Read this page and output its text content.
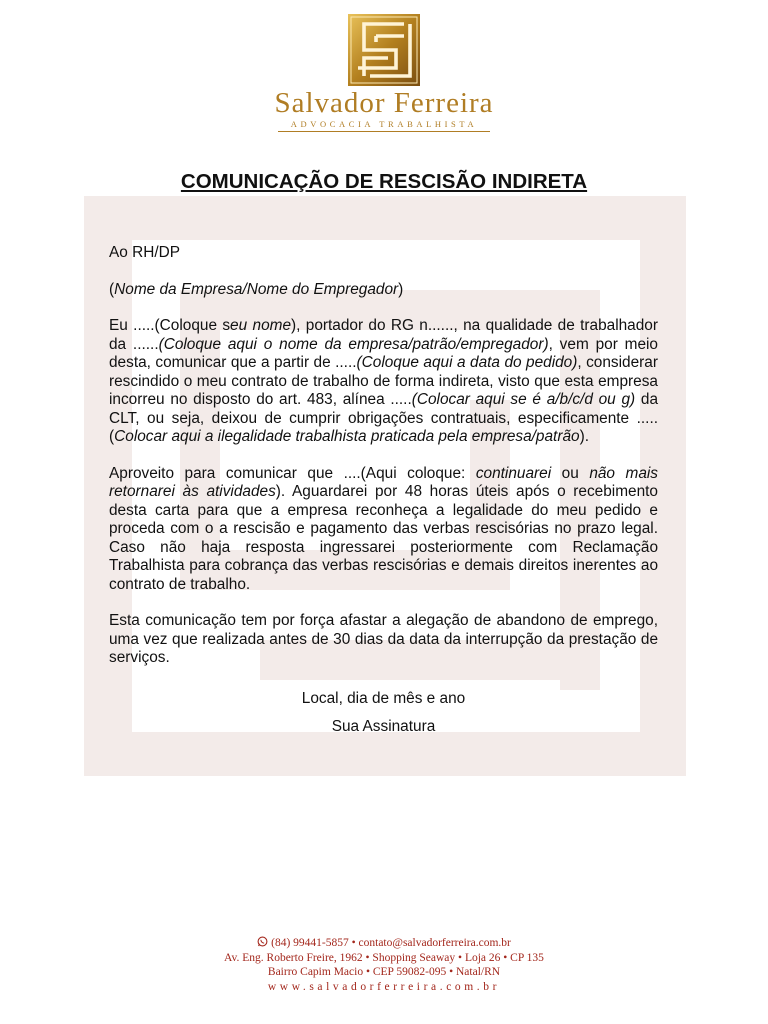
Salvador Ferreira
ADVOCACIA TRABALHISTA
COMUNICAÇÃO DE RESCISÃO INDIRETA

Ao RH/DP

(Nome da Empresa/Nome do Empregador)

Eu .....(Coloque seu nome), portador do RG n......, na qualidade de trabalhador da ......(Coloque aqui o nome da empresa/patrão/empregador), vem por meio desta, comunicar que a partir de .....(Coloque aqui a data do pedido), considerar rescindido o meu contrato de trabalho de forma indireta, visto que esta empresa incorreu no disposto do art. 483, alínea .....(Colocar aqui se é a/b/c/d ou g) da CLT, ou seja, deixou de cumprir obrigações contratuais, especificamente .....(Colocar aqui a ilegalidade trabalhista praticada pela empresa/patrão).

Aproveito para comunicar que ....(Aqui coloque: continuarei ou não mais retornarei às atividades). Aguardarei por 48 horas úteis após o recebimento desta carta para que a empresa reconheça a legalidade do meu pedido e proceda com o a rescisão e pagamento das verbas rescisórias no prazo legal. Caso não haja resposta ingressarei posteriormente com Reclamação Trabalhista para cobrança das verbas rescisórias e demais direitos inerentes ao contrato de trabalho.

Esta comunicação tem por força afastar a alegação de abandono de emprego, uma vez que realizada antes de 30 dias da data da interrupção da prestação de serviços.

Local, dia de mês e ano

Sua Assinatura

(84) 99441-5857 • contato@salvadorferreira.com.br
Av. Eng. Roberto Freire, 1962 • Shopping Seaway • Loja 26 • CP 135
Bairro Capim Macio • CEP 59082-095 • Natal/RN
www.salvadorferreira.com.br
